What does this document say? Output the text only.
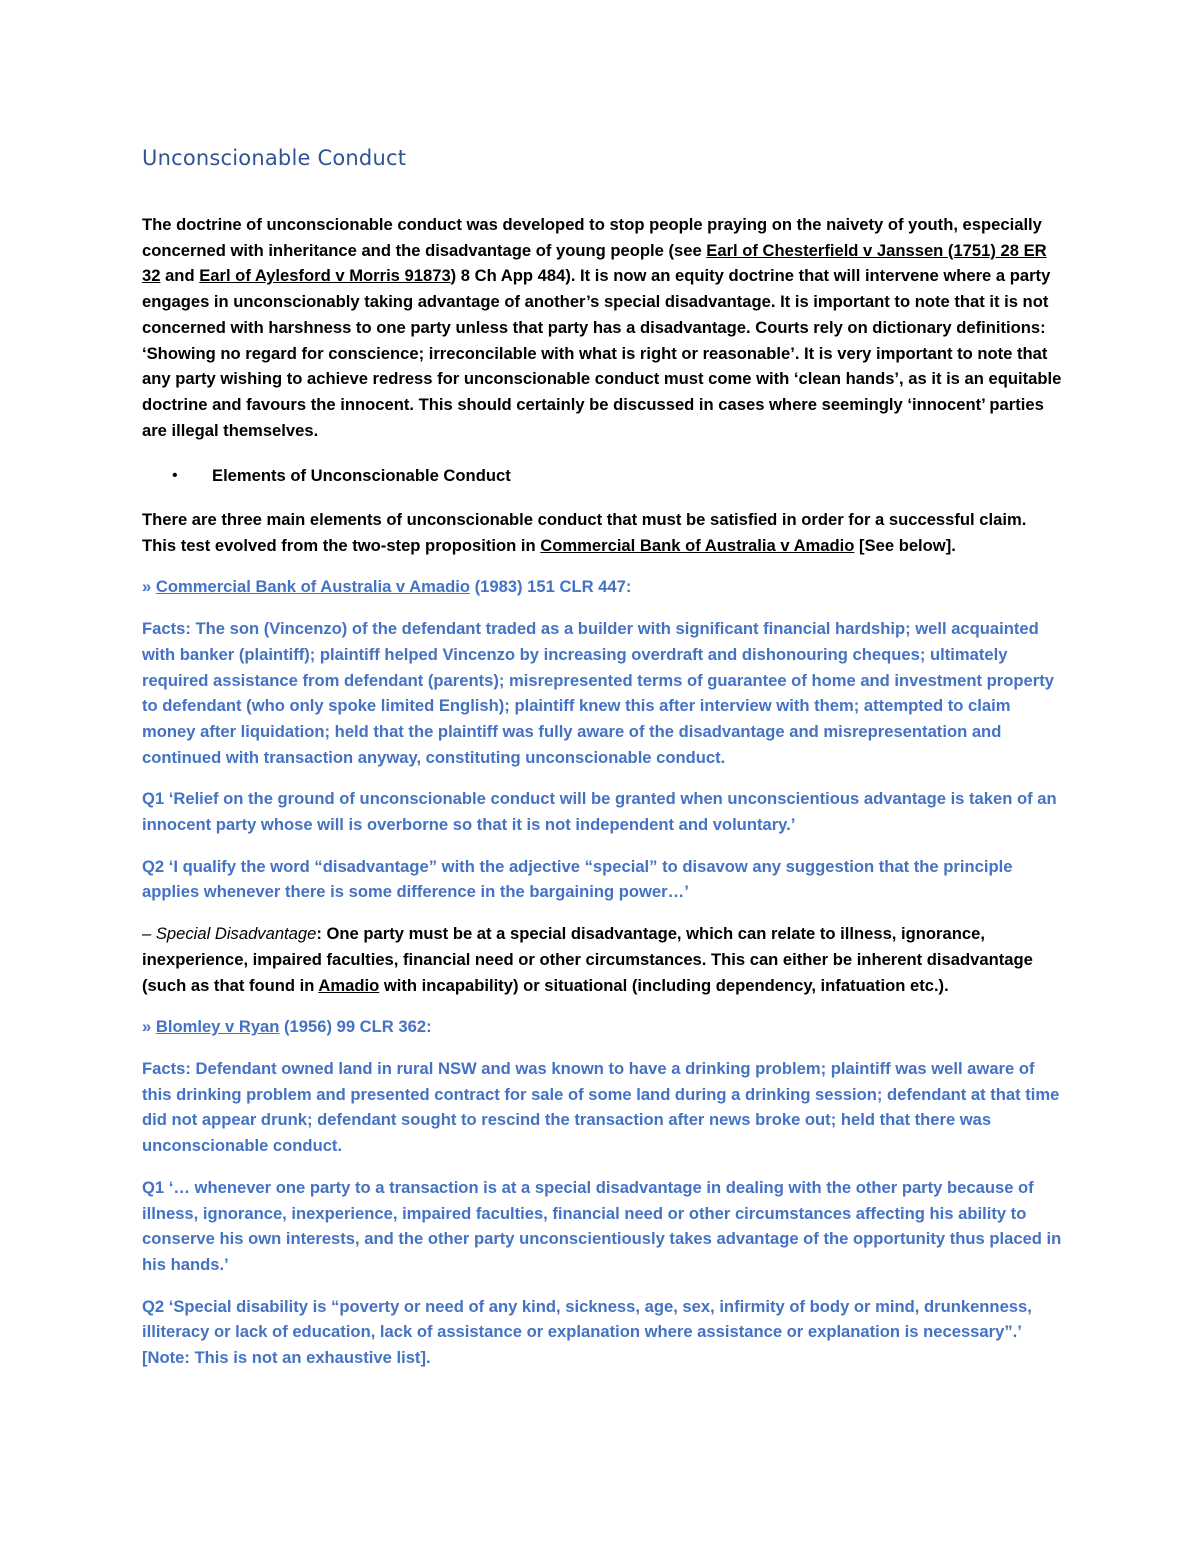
Unconscionable Conduct

The doctrine of unconscionable conduct was developed to stop people praying on the naivety of youth, especially concerned with inheritance and the disadvantage of young people (see Earl of Chesterfield v Janssen (1751) 28 ER 32 and Earl of Aylesford v Morris 91873) 8 Ch App 484). It is now an equity doctrine that will intervene where a party engages in unconscionably taking advantage of another’s special disadvantage. It is important to note that it is not concerned with harshness to one party unless that party has a disadvantage. Courts rely on dictionary definitions: ‘Showing no regard for conscience; irreconcilable with what is right or reasonable’. It is very important to note that any party wishing to achieve redress for unconscionable conduct must come with ‘clean hands’, as it is an equitable doctrine and favours the innocent. This should certainly be discussed in cases where seemingly ‘innocent’ parties are illegal themselves.

•	Elements of Unconscionable Conduct

There are three main elements of unconscionable conduct that must be satisfied in order for a successful claim. This test evolved from the two-step proposition in Commercial Bank of Australia v Amadio [See below].

» Commercial Bank of Australia v Amadio (1983) 151 CLR 447:

Facts: The son (Vincenzo) of the defendant traded as a builder with significant financial hardship; well acquainted with banker (plaintiff); plaintiff helped Vincenzo by increasing overdraft and dishonouring cheques; ultimately required assistance from defendant (parents); misrepresented terms of guarantee of home and investment property to defendant (who only spoke limited English); plaintiff knew this after interview with them; attempted to claim money after liquidation; held that the plaintiff was fully aware of the disadvantage and misrepresentation and continued with transaction anyway, constituting unconscionable conduct.

Q1 ‘Relief on the ground of unconscionable conduct will be granted when unconscientious advantage is taken of an innocent party whose will is overborne so that it is not independent and voluntary.’

Q2 ‘I qualify the word “disadvantage” with the adjective “special” to disavow any suggestion that the principle applies whenever there is some difference in the bargaining power…’

– Special Disadvantage: One party must be at a special disadvantage, which can relate to illness, ignorance, inexperience, impaired faculties, financial need or other circumstances. This can either be inherent disadvantage (such as that found in Amadio with incapability) or situational (including dependency, infatuation etc.).

» Blomley v Ryan (1956) 99 CLR 362:

Facts: Defendant owned land in rural NSW and was known to have a drinking problem; plaintiff was well aware of this drinking problem and presented contract for sale of some land during a drinking session; defendant at that time did not appear drunk; defendant sought to rescind the transaction after news broke out; held that there was unconscionable conduct.

Q1 ‘… whenever one party to a transaction is at a special disadvantage in dealing with the other party because of illness, ignorance, inexperience, impaired faculties, financial need or other circumstances affecting his ability to conserve his own interests, and the other party unconscientiously takes advantage of the opportunity thus placed in his hands.’

Q2 ‘Special disability is “poverty or need of any kind, sickness, age, sex, infirmity of body or mind, drunkenness, illiteracy or lack of education, lack of assistance or explanation where assistance or explanation is necessary”.’ [Note: This is not an exhaustive list].
